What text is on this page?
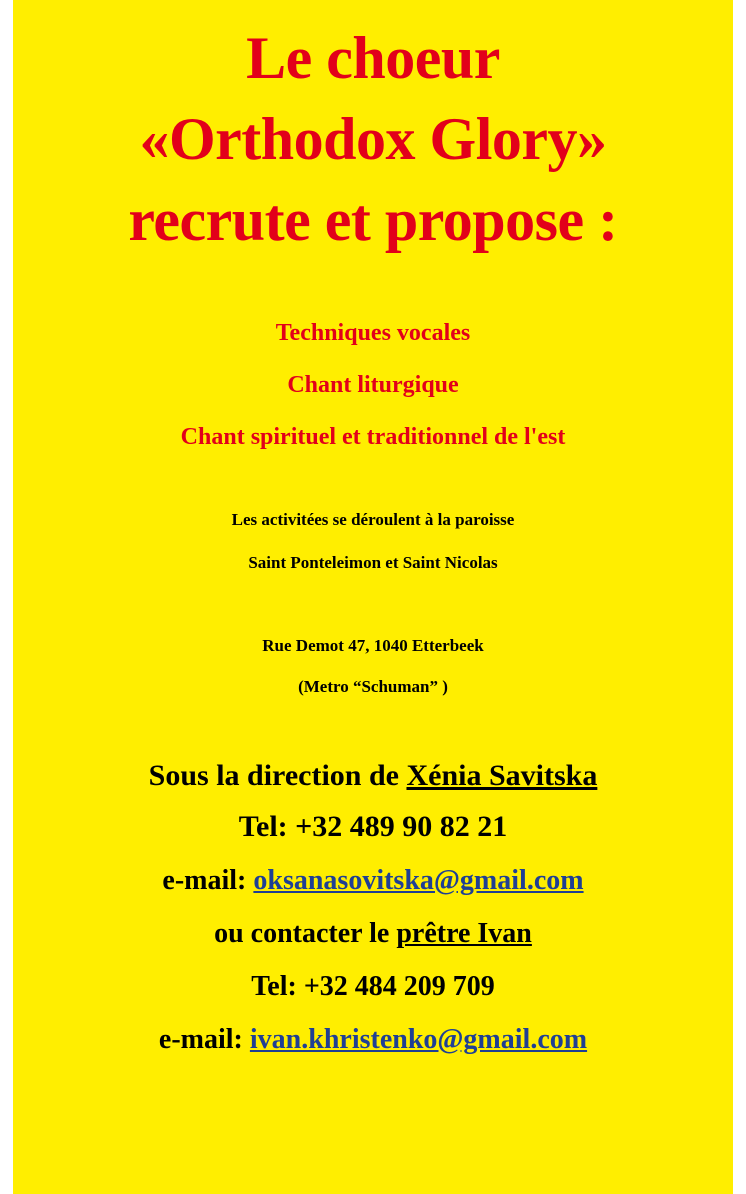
Le choeur
«Orthodox Glory»
recrute et propose :
Techniques vocales
Chant liturgique
Chant spirituel et traditionnel de l'est
Les activitées se déroulent à la paroisse
Saint Ponteleimon et Saint Nicolas
Rue Demot 47, 1040 Etterbeek
(Metro “Schuman” )
Sous la direction de Xénia Savitska
Tel: +32 489 90 82 21
e-mail: oksanasovitska@gmail.com
ou contacter le prêtre Ivan
Tel: +32 484 209 709
e-mail: ivan.khristenko@gmail.com
